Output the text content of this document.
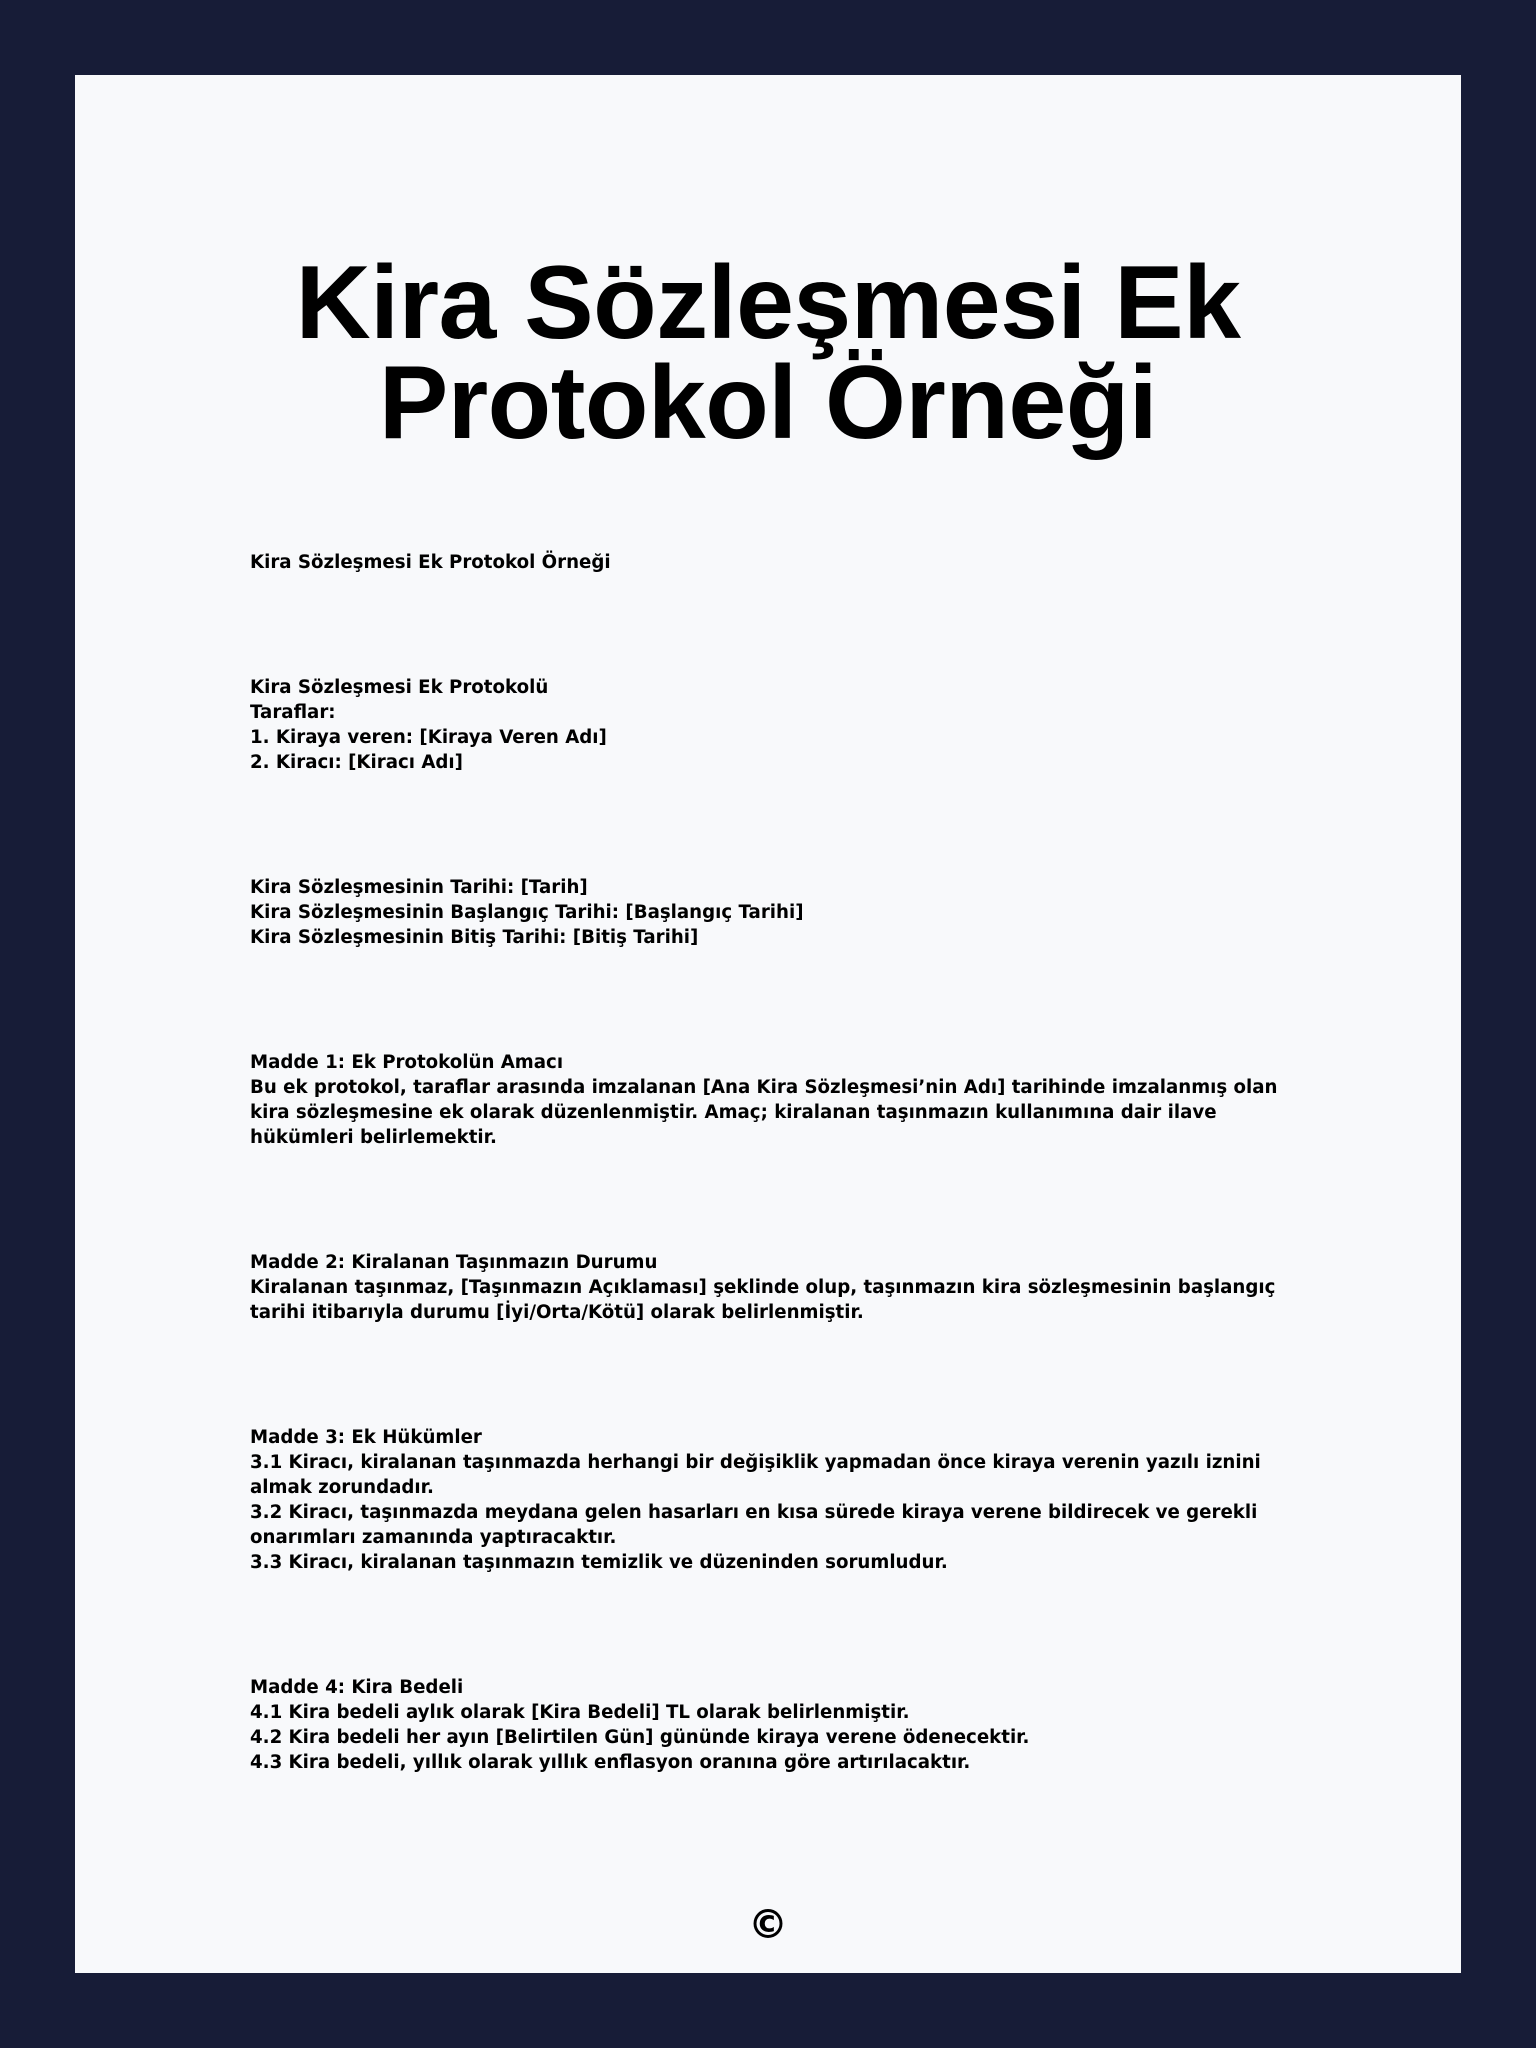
Kira Sözleşmesi Ek Protokol Örneği

Kira Sözleşmesi Ek Protokol Örneği

Kira Sözleşmesi Ek Protokolü
Taraflar:
1. Kiraya veren: [Kiraya Veren Adı]
2. Kiracı: [Kiracı Adı]

Kira Sözleşmesinin Tarihi: [Tarih]
Kira Sözleşmesinin Başlangıç Tarihi: [Başlangıç Tarihi]
Kira Sözleşmesinin Bitiş Tarihi: [Bitiş Tarihi]

Madde 1: Ek Protokolün Amacı
Bu ek protokol, taraflar arasında imzalanan [Ana Kira Sözleşmesi’nin Adı] tarihinde imzalanmış olan kira sözleşmesine ek olarak düzenlenmiştir. Amaç; kiralanan taşınmazın kullanımına dair ilave hükümleri belirlemektir.

Madde 2: Kiralanan Taşınmazın Durumu
Kiralanan taşınmaz, [Taşınmazın Açıklaması] şeklinde olup, taşınmazın kira sözleşmesinin başlangıç tarihi itibarıyla durumu [İyi/Orta/Kötü] olarak belirlenmiştir.

Madde 3: Ek Hükümler
3.1 Kiracı, kiralanan taşınmazda herhangi bir değişiklik yapmadan önce kiraya verenin yazılı iznini almak zorundadır.
3.2 Kiracı, taşınmazda meydana gelen hasarları en kısa sürede kiraya verene bildirecek ve gerekli onarımları zamanında yaptıracaktır.
3.3 Kiracı, kiralanan taşınmazın temizlik ve düzeninden sorumludur.

Madde 4: Kira Bedeli
4.1 Kira bedeli aylık olarak [Kira Bedeli] TL olarak belirlenmiştir.
4.2 Kira bedeli her ayın [Belirtilen Gün] gününde kiraya verene ödenecektir.
4.3 Kira bedeli, yıllık olarak yıllık enflasyon oranına göre artırılacaktır.

©
